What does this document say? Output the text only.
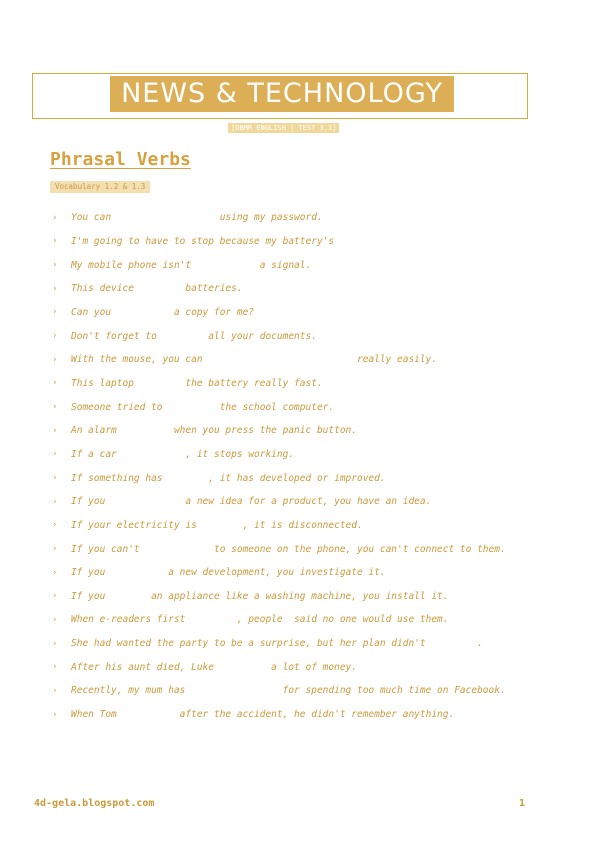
NEWS & TECHNOLOGY
[DBMR ENGLISH | TEST 3.1]
Phrasal Verbs
Vocabulary 1.2 & 1.3
›	You can                   using my password.
›	I'm going to have to stop because my battery's
›	My mobile phone isn't            a signal.
›	This device         batteries.
›	Can you           a copy for me?
›	Don't forget to         all your documents.
›	With the mouse, you can                           really easily.
›	This laptop         the battery really fast.
›	Someone tried to          the school computer.
›	An alarm          when you press the panic button.
›	If a car            , it stops working.
›	If something has        , it has developed or improved.
›	If you              a new idea for a product, you have an idea.
›	If your electricity is        , it is disconnected.
›	If you can't             to someone on the phone, you can't connect to them.
›	If you           a new development, you investigate it.
›	If you        an appliance like a washing machine, you install it.
›	When e-readers first         , people  said no one would use them.
›	She had wanted the party to be a surprise, but her plan didn't         .
›	After his aunt died, Luke          a lot of money.
›	Recently, my mum has                 for spending too much time on Facebook.
›	When Tom           after the accident, he didn't remember anything.
4d-gela.blogspot.com	1
